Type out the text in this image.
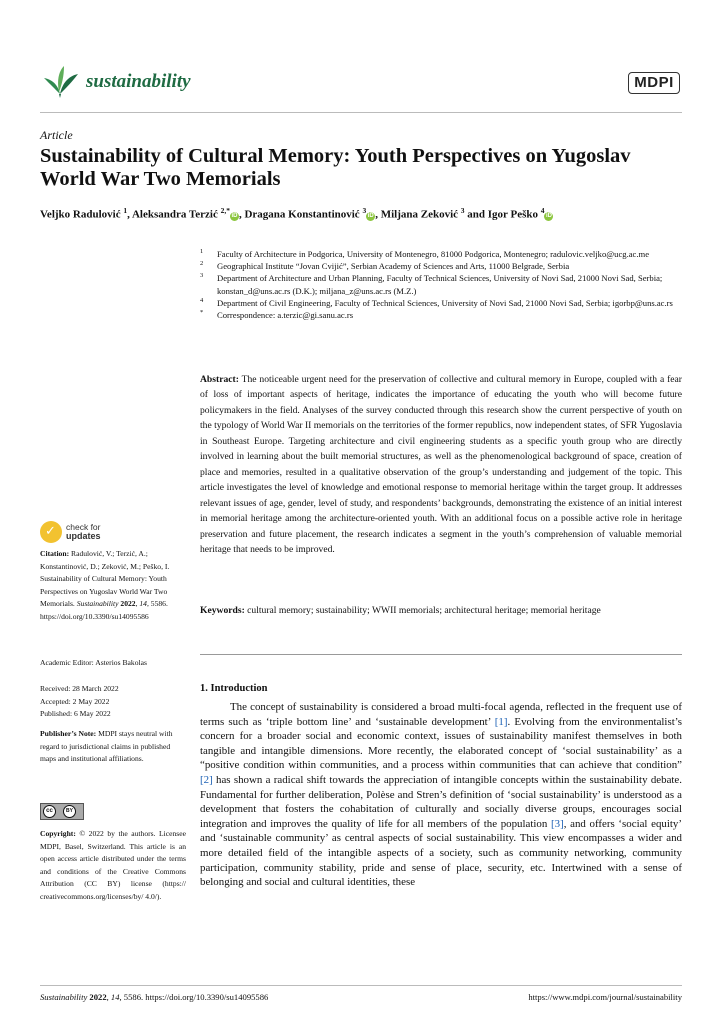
sustainability	MDPI
Article
Sustainability of Cultural Memory: Youth Perspectives on Yugoslav World War Two Memorials
Veljko Radulović $^1$, Aleksandra Terzić $^{2,*}$iD , Dragana Konstantinović $^3$iD , Miljana Zeković $^3$ and Igor Peško $^4$iD
1 Faculty of Architecture in Podgorica, University of Montenegro, 81000 Podgorica, Montenegro; radulovic.veljko@ucg.ac.me
2 Geographical Institute “Jovan Cvijić”, Serbian Academy of Sciences and Arts, 11000 Belgrade, Serbia
3 Department of Architecture and Urban Planning, Faculty of Technical Sciences, University of Novi Sad, 21000 Novi Sad, Serbia; konstan_d@uns.ac.rs (D.K.); miljana_z@uns.ac.rs (M.Z.)
4 Department of Civil Engineering, Faculty of Technical Sciences, University of Novi Sad, 21000 Novi Sad, Serbia; igorbp@uns.ac.rs
* Correspondence: a.terzic@gi.sanu.ac.rs
Abstract: The noticeable urgent need for the preservation of collective and cultural memory in Europe, coupled with a fear of loss of important aspects of heritage, indicates the importance of educating the youth who will become future policymakers in the field. Analyses of the survey conducted through this research show the current perspective of youth on the typology of World War II memorials on the territories of the former republics, now independent states, of SFR Yugoslavia in Southeast Europe. Targeting architecture and civil engineering students as a specific youth group who are directly involved in learning about the built memorial structures, as well as the phenomenological background of space, creation of place and memories, resulted in a qualitative observation of the group’s understanding and judgement of the topic. This article investigates the level of knowledge and emotional response to memorial heritage within the target group. It addresses relevant issues of age, gender, level of study, and respondents’ backgrounds, demonstrating the existence of an initial interest in memorial heritage among the architecture-oriented youth. With an additional focus on a possible active role in heritage preservation and future placement, the research indicates a segment in the youth’s comprehension of valuable memorial heritage that needs to be improved.
Keywords: cultural memory; sustainability; WWII memorials; architectural heritage; memorial heritage
1. Introduction

The concept of sustainability is considered a broad multi-focal agenda, reflected in the frequent use of terms such as ‘triple bottom line’ and ‘sustainable development’ [1]. Evolving from the environmentalist’s concern for a broader social and economic context, issues of sustainability manifest themselves in both tangible and intangible dimensions. More recently, the elaborated concept of ‘social sustainability’ as a “positive condition within communities, and a process within communities that can achieve that condition” [2] has shown a radical shift towards the appreciation of intangible concepts within the sustainability debate. Fundamental for further deliberation, Polèse and Stren’s definition of ‘social sustainability’ is understood as a development that fosters the cohabitation of culturally and socially diverse groups, encourages social integration and improves the quality of life for all members of the population [3], and offers ‘social equity’ and ‘sustainable community’ as central aspects of social sustainability. This view encompasses a wider and more detailed field of the intangible aspects of a society, such as community networking, community participation, community stability, pride and sense of place, security, etc. Intertwined with a sense of belonging and social and cultural identities, these

✓ check for
updates
Citation: Radulović, V.; Terzić, A.; Konstantinović, D.; Zeković, M.; Peško, I. Sustainability of Cultural Memory: Youth Perspectives on Yugoslav World War Two Memorials. Sustainability 2022, 14, 5586. https://doi.org/10.3390/su14095586
Academic Editor: Asterios Bakolas
Received: 28 March 2022
Accepted: 2 May 2022
Published: 6 May 2022
Publisher’s Note: MDPI stays neutral with regard to jurisdictional claims in published maps and institutional affiliations.
cc	BY
Copyright: © 2022 by the authors. Licensee MDPI, Basel, Switzerland. This article is an open access article distributed under the terms and conditions of the Creative Commons Attribution (CC BY) license (https:// creativecommons.org/licenses/by/ 4.0/).
Sustainability 2022, 14, 5586. https://doi.org/10.3390/su14095586	https://www.mdpi.com/journal/sustainability
